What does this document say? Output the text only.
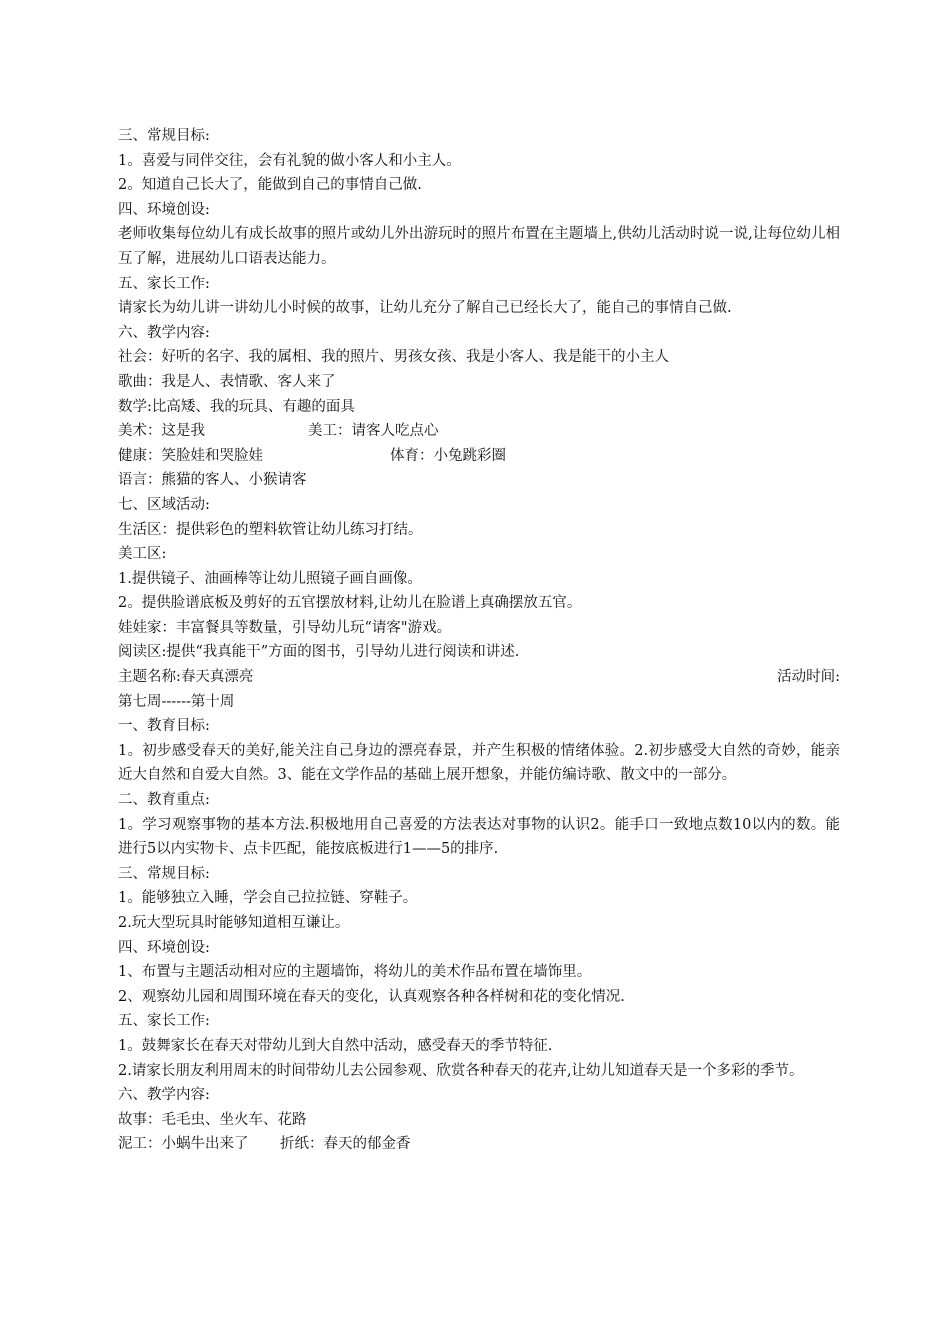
三、常规目标:
1。喜爱与同伴交往，会有礼貌的做小客人和小主人。
2。知道自己长大了，能做到自己的事情自己做.
四、环境创设:
老师收集每位幼儿有成长故事的照片或幼儿外出游玩时的照片布置在主题墙上,供幼儿活动时说一说,让每位幼儿相互了解，进展幼儿口语表达能力。
五、家长工作:
请家长为幼儿讲一讲幼儿小时候的故事，让幼儿充分了解自己已经长大了，能自己的事情自己做.
六、教学内容:
社会：好听的名字、我的属相、我的照片、男孩女孩、我是小客人、我是能干的小主人
歌曲：我是人、表情歌、客人来了
数学:比高矮、我的玩具、有趣的面具
美术：这是我	美工：请客人吃点心
健康：笑脸娃和哭脸娃	体育：小兔跳彩圈
语言：熊猫的客人、小猴请客
七、区域活动:
生活区：提供彩色的塑料软管让幼儿练习打结。
美工区:
1.提供镜子、油画棒等让幼儿照镜子画自画像。
2。提供脸谱底板及剪好的五官摆放材料,让幼儿在脸谱上真确摆放五官。
娃娃家：丰富餐具等数量，引导幼儿玩“请客"游戏。
阅读区:提供“我真能干”方面的图书，引导幼儿进行阅读和讲述.
主题名称:春天真漂亮	活动时间:
第七周------第十周
一、教育目标:
1。初步感受春天的美好,能关注自己身边的漂亮春景，并产生积极的情绪体验。2.初步感受大自然的奇妙，能亲近大自然和自爱大自然。3、能在文学作品的基础上展开想象，并能仿编诗歌、散文中的一部分。
二、教育重点:
1。学习观察事物的基本方法.积极地用自己喜爱的方法表达对事物的认识2。能手口一致地点数10以内的数。能进行5以内实物卡、点卡匹配，能按底板进行1——5的排序.
三、常规目标:
1。能够独立入睡，学会自己拉拉链、穿鞋子。
2.玩大型玩具时能够知道相互谦让。
四、环境创设:
1、布置与主题活动相对应的主题墙饰，将幼儿的美术作品布置在墙饰里。
2、观察幼儿园和周围环境在春天的变化，认真观察各种各样树和花的变化情况.
五、家长工作:
1。鼓舞家长在春天对带幼儿到大自然中活动，感受春天的季节特征.
2.请家长朋友利用周末的时间带幼儿去公园参观、欣赏各种春天的花卉,让幼儿知道春天是一个多彩的季节。
六、教学内容:
故事：毛毛虫、坐火车、花路
泥工：小蜗牛出来了	折纸：春天的郁金香
